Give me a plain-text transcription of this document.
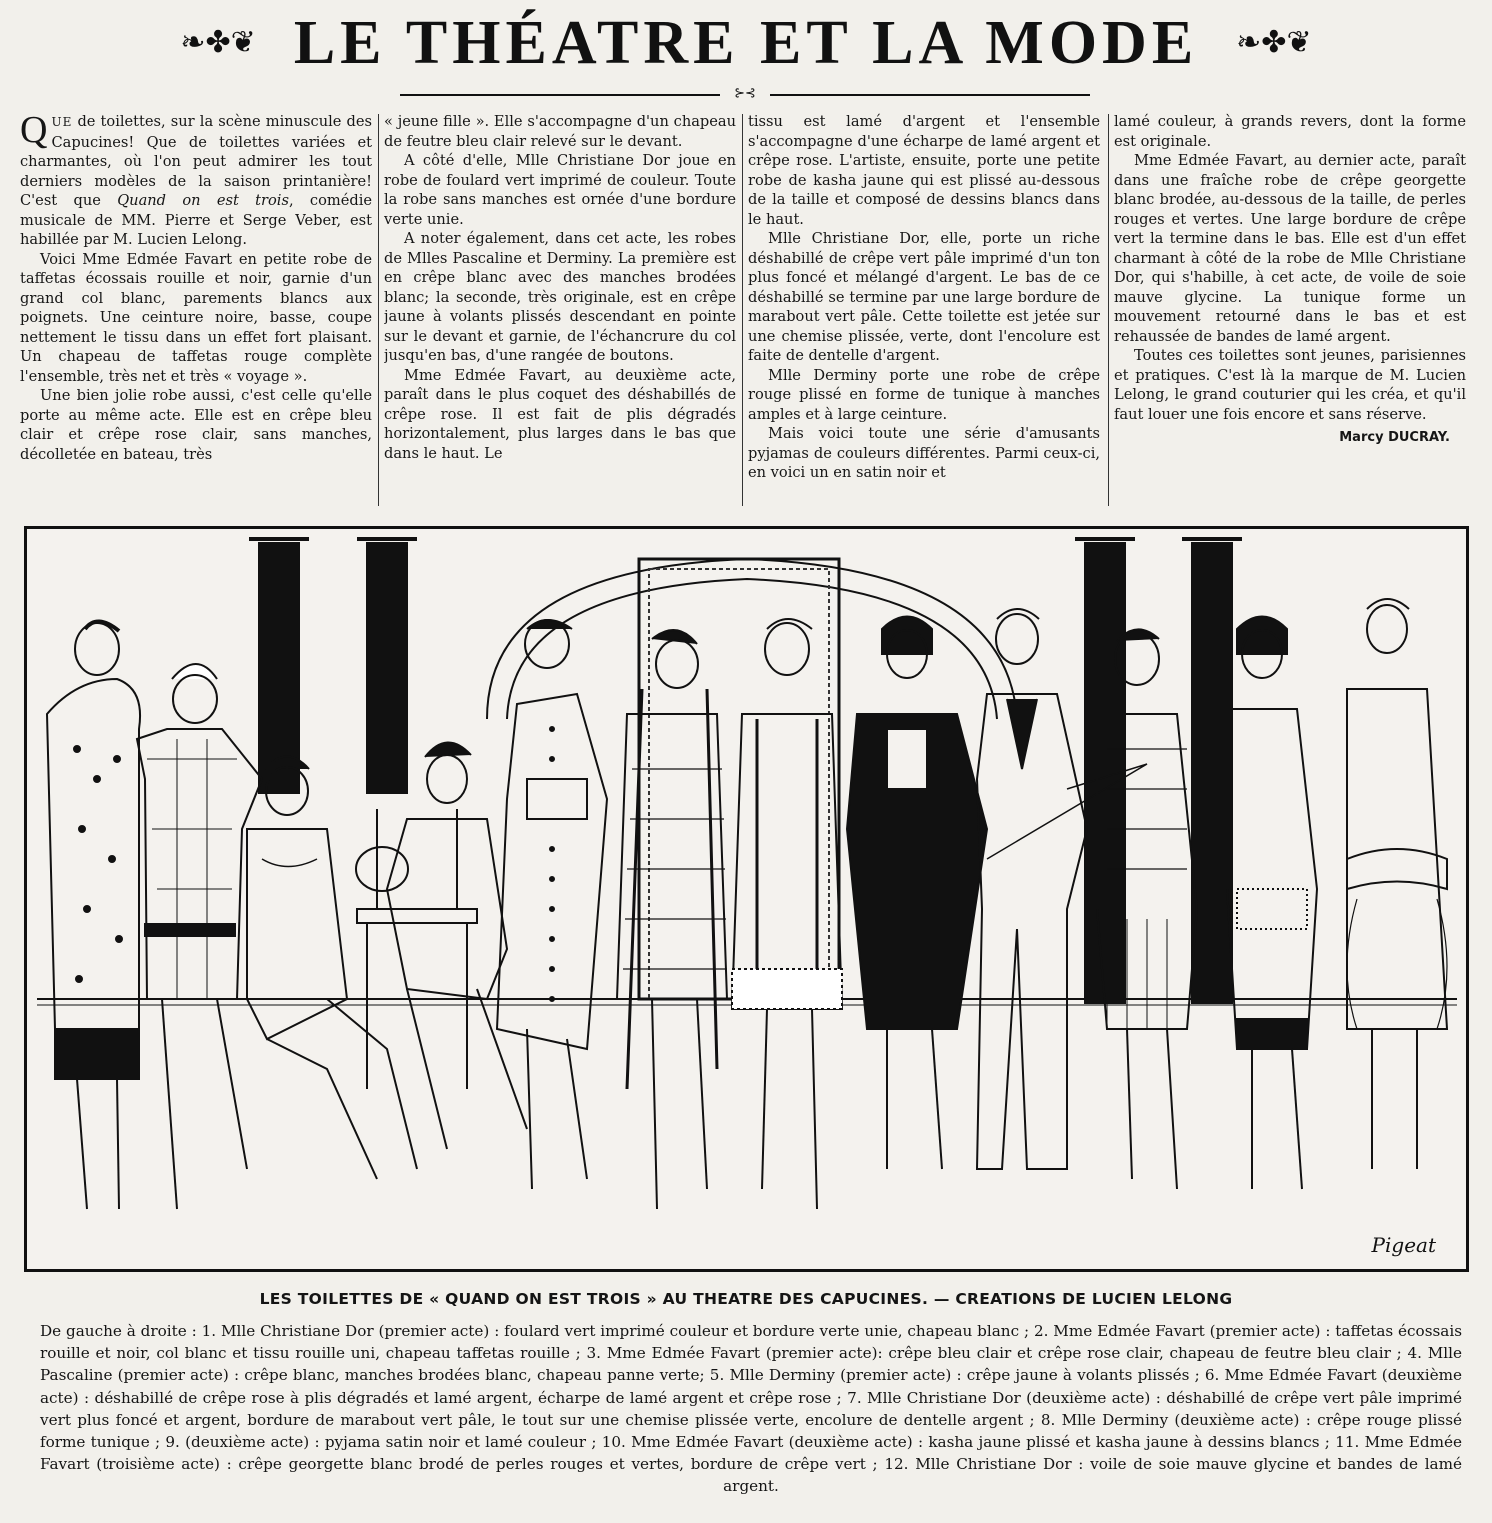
❧✤❦ LE THÉATRE ET LA MODE ❧✤❦
⊱⊰

QUE de toilettes, sur la scène minuscule des Capucines! Que de toilettes variées et charmantes, où l'on peut admirer les tout derniers modèles de la saison printanière! C'est que Quand on est trois, comédie musicale de MM. Pierre et Serge Veber, est habillée par M. Lucien Lelong.

Voici Mme Edmée Favart en petite robe de taffetas écossais rouille et noir, garnie d'un grand col blanc, parements blancs aux poignets. Une ceinture noire, basse, coupe nettement le tissu dans un effet fort plaisant. Un chapeau de taffetas rouge complète l'ensemble, très net et très « voyage ».

Une bien jolie robe aussi, c'est celle qu'elle porte au même acte. Elle est en crêpe bleu clair et crêpe rose clair, sans manches, décolletée en bateau, très

« jeune fille ». Elle s'accompagne d'un chapeau de feutre bleu clair relevé sur le devant.

A côté d'elle, Mlle Christiane Dor joue en robe de foulard vert imprimé de couleur. Toute la robe sans manches est ornée d'une bordure verte unie.

A noter également, dans cet acte, les robes de Mlles Pascaline et Derminy. La première est en crêpe blanc avec des manches brodées blanc; la seconde, très originale, est en crêpe jaune à volants plissés descendant en pointe sur le devant et garnie, de l'échancrure du col jusqu'en bas, d'une rangée de boutons.

Mme Edmée Favart, au deuxième acte, paraît dans le plus coquet des déshabillés de crêpe rose. Il est fait de plis dégradés horizontalement, plus larges dans le bas que dans le haut. Le

tissu est lamé d'argent et l'ensemble s'accompagne d'une écharpe de lamé argent et crêpe rose. L'artiste, ensuite, porte une petite robe de kasha jaune qui est plissé au-dessous de la taille et composé de dessins blancs dans le haut.

Mlle Christiane Dor, elle, porte un riche déshabillé de crêpe vert pâle imprimé d'un ton plus foncé et mélangé d'argent. Le bas de ce déshabillé se termine par une large bordure de marabout vert pâle. Cette toilette est jetée sur une chemise plissée, verte, dont l'encolure est faite de dentelle d'argent.

Mlle Derminy porte une robe de crêpe rouge plissé en forme de tunique à manches amples et à large ceinture.

Mais voici toute une série d'amusants pyjamas de couleurs différentes. Parmi ceux-ci, en voici un en satin noir et

lamé couleur, à grands revers, dont la forme est originale.

Mme Edmée Favart, au dernier acte, paraît dans une fraîche robe de crêpe georgette blanc brodée, au-dessous de la taille, de perles rouges et vertes. Une large bordure de crêpe vert la termine dans le bas. Elle est d'un effet charmant à côté de la robe de Mlle Christiane Dor, qui s'habille, à cet acte, de voile de soie mauve glycine. La tunique forme un mouvement retourné dans le bas et est rehaussée de bandes de lamé argent.

Toutes ces toilettes sont jeunes, parisiennes et pratiques. C'est là la marque de M. Lucien Lelong, le grand couturier qui les créa, et qu'il faut louer une fois encore et sans réserve.

Marcy DUCRAY.
Pigeat
LES TOILETTES DE « QUAND ON EST TROIS » AU THEATRE DES CAPUCINES. — CREATIONS DE LUCIEN LELONG
De gauche à droite : 1. Mlle Christiane Dor (premier acte) : foulard vert imprimé couleur et bordure verte unie, chapeau blanc ; 2. Mme Edmée Favart (premier acte) : taffetas écossais rouille et noir, col blanc et tissu rouille uni, chapeau taffetas rouille ; 3. Mme Edmée Favart (premier acte): crêpe bleu clair et crêpe rose clair, chapeau de feutre bleu clair ; 4. Mlle Pascaline (premier acte) : crêpe blanc, manches brodées blanc, chapeau panne verte; 5. Mlle Derminy (premier acte) : crêpe jaune à volants plissés ; 6. Mme Edmée Favart (deuxième acte) : déshabillé de crêpe rose à plis dégradés et lamé argent, écharpe de lamé argent et crêpe rose ; 7. Mlle Christiane Dor (deuxième acte) : déshabillé de crêpe vert pâle imprimé vert plus foncé et argent, bordure de marabout vert pâle, le tout sur une chemise plissée verte, encolure de dentelle argent ; 8. Mlle Derminy (deuxième acte) : crêpe rouge plissé forme tunique ; 9. (deuxième acte) : pyjama satin noir et lamé couleur ; 10. Mme Edmée Favart (deuxième acte) : kasha jaune plissé et kasha jaune à dessins blancs ; 11. Mme Edmée Favart (troisième acte) : crêpe georgette blanc brodé de perles rouges et vertes, bordure de crêpe vert ; 12. Mlle Christiane Dor : voile de soie mauve glycine et bandes de lamé argent.
